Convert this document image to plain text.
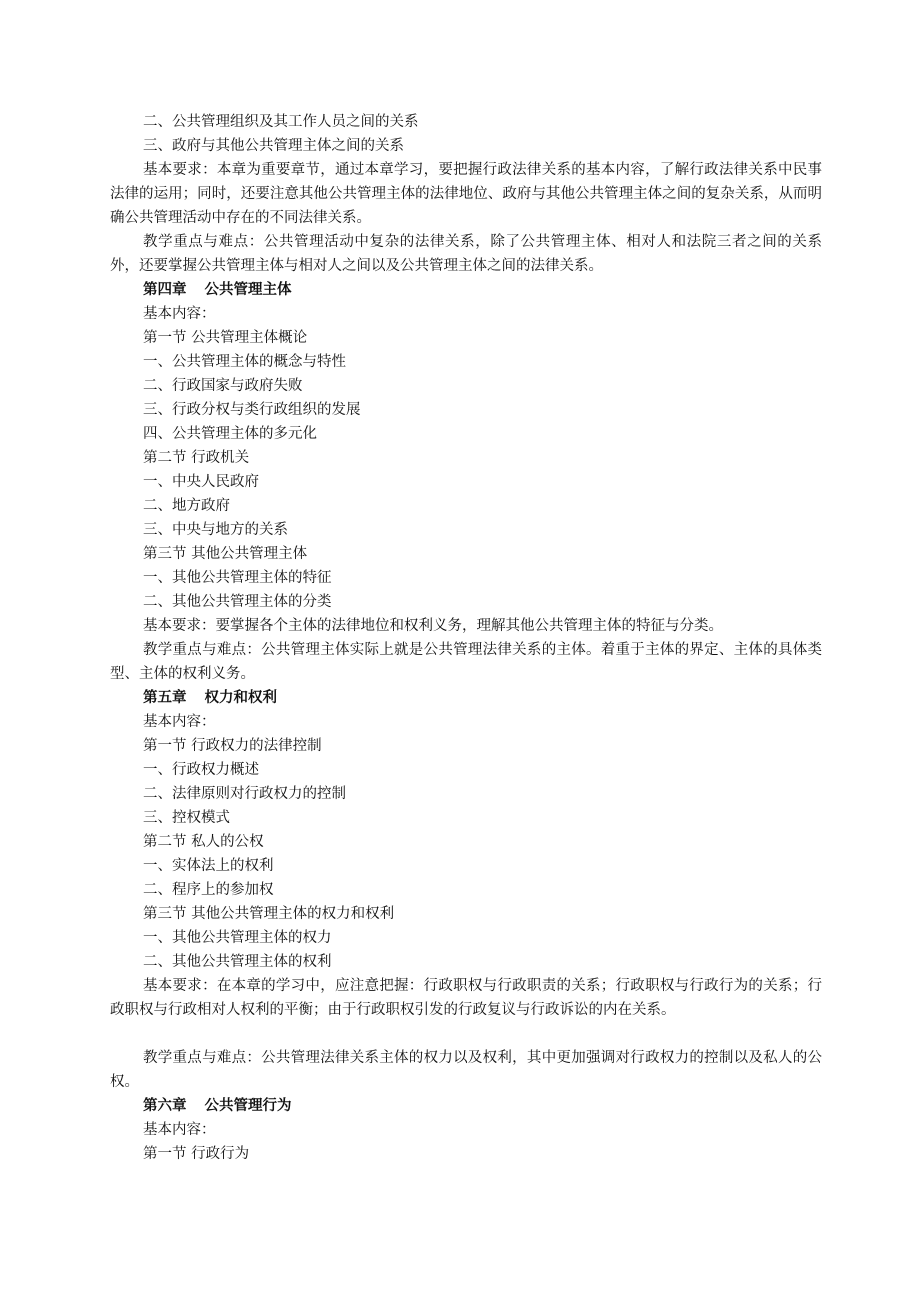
二、公共管理组织及其工作人员之间的关系

三、政府与其他公共管理主体之间的关系

基本要求：本章为重要章节，通过本章学习，要把握行政法律关系的基本内容，了解行政法律关系中民事法律的运用；同时，还要注意其他公共管理主体的法律地位、政府与其他公共管理主体之间的复杂关系，从而明确公共管理活动中存在的不同法律关系。

教学重点与难点：公共管理活动中复杂的法律关系，除了公共管理主体、相对人和法院三者之间的关系外，还要掌握公共管理主体与相对人之间以及公共管理主体之间的法律关系。

第四章 公共管理主体

基本内容：

第一节 公共管理主体概论

一、公共管理主体的概念与特性

二、行政国家与政府失败

三、行政分权与类行政组织的发展

四、公共管理主体的多元化

第二节 行政机关

一、中央人民政府

二、地方政府

三、中央与地方的关系

第三节 其他公共管理主体

一、其他公共管理主体的特征

二、其他公共管理主体的分类

基本要求：要掌握各个主体的法律地位和权利义务，理解其他公共管理主体的特征与分类。

教学重点与难点：公共管理主体实际上就是公共管理法律关系的主体。着重于主体的界定、主体的具体类型、主体的权利义务。

第五章 权力和权利

基本内容：

第一节 行政权力的法律控制

一、行政权力概述

二、法律原则对行政权力的控制

三、控权模式

第二节 私人的公权

一、实体法上的权利

二、程序上的参加权

第三节 其他公共管理主体的权力和权利

一、其他公共管理主体的权力

二、其他公共管理主体的权利

基本要求：在本章的学习中，应注意把握：行政职权与行政职责的关系；行政职权与行政行为的关系；行政职权与行政相对人权利的平衡；由于行政职权引发的行政复议与行政诉讼的内在关系。

教学重点与难点：公共管理法律关系主体的权力以及权利，其中更加强调对行政权力的控制以及私人的公权。

第六章 公共管理行为

基本内容：

第一节 行政行为
